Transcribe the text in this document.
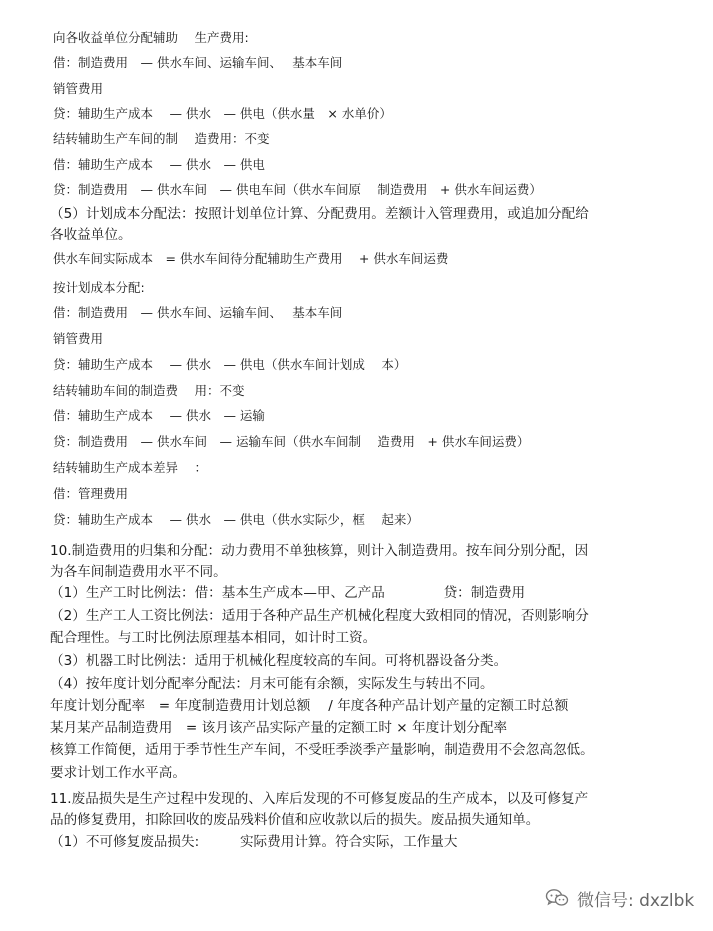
向各收益单位分配辅助　 生产费用:
借：制造费用　— 供水车间、运输车间、　 基本车间
销管费用
贷：辅助生产成本　 — 供水　— 供电（供水量　× 水单价）
结转辅助生产车间的制　 造费用：不变
借：辅助生产成本　 — 供水　— 供电
贷：制造费用　— 供水车间　— 供电车间（供水车间原　 制造费用　+ 供水车间运费）
（5）计划成本分配法：按照计划单位计算、分配费用。差额计入管理费用，或追加分配给
各收益单位。
供水车间实际成本　= 供水车间待分配辅助生产费用　 + 供水车间运费
按计划成本分配:
借：制造费用　— 供水车间、运输车间、　 基本车间
销管费用
贷：辅助生产成本　 — 供水　— 供电（供水车间计划成　 本）
结转辅助车间的制造费　 用：不变
借：辅助生产成本　 — 供水　— 运输
贷：制造费用　— 供水车间　— 运输车间（供水车间制　 造费用　+ 供水车间运费）
结转辅助生产成本差异　 ：
借：管理费用
贷：辅助生产成本　 — 供水　— 供电（供水实际少，框　 起来）
10.制造费用的归集和分配：动力费用不单独核算，则计入制造费用。按车间分别分配，因
为各车间制造费用水平不同。
（1）生产工时比例法：借：基本生产成本—甲、乙产品　　　　 贷：制造费用
（2）生产工人工资比例法：适用于各种产品生产机械化程度大致相同的情况，否则影响分
配合理性。与工时比例法原理基本相同，如计时工资。
（3）机器工时比例法：适用于机械化程度较高的车间。可将机器设备分类。
（4）按年度计划分配率分配法：月末可能有余额，实际发生与转出不同。
年度计划分配率　= 年度制造费用计划总额　 / 年度各种产品计划产量的定额工时总额
某月某产品制造费用　= 该月该产品实际产量的定额工时 × 年度计划分配率
核算工作简便，适用于季节性生产车间，不受旺季淡季产量影响，制造费用不会忽高忽低。
要求计划工作水平高。
11.废品损失是生产过程中发现的、入库后发现的不可修复废品的生产成本，以及可修复产
品的修复费用，扣除回收的废品残料价值和应收款以后的损失。废品损失通知单。
（1）不可修复废品损失:　　　实际费用计算。符合实际，工作量大
微信号: dxzlbk
